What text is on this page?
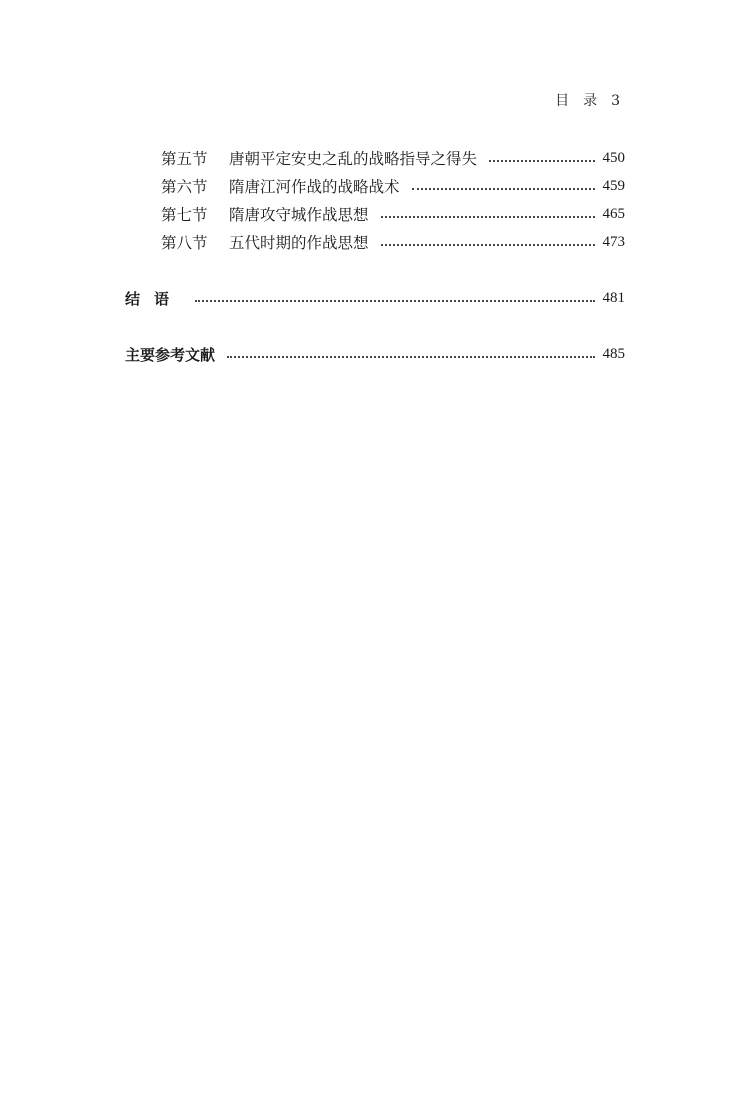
目　录 3
第五节	唐朝平定安史之乱的战略指导之得失	450
第六节	隋唐江河作战的战略战术	459
第七节	隋唐攻守城作战思想	465
第八节	五代时期的作战思想	473
结语	481
主要参考文献	485
